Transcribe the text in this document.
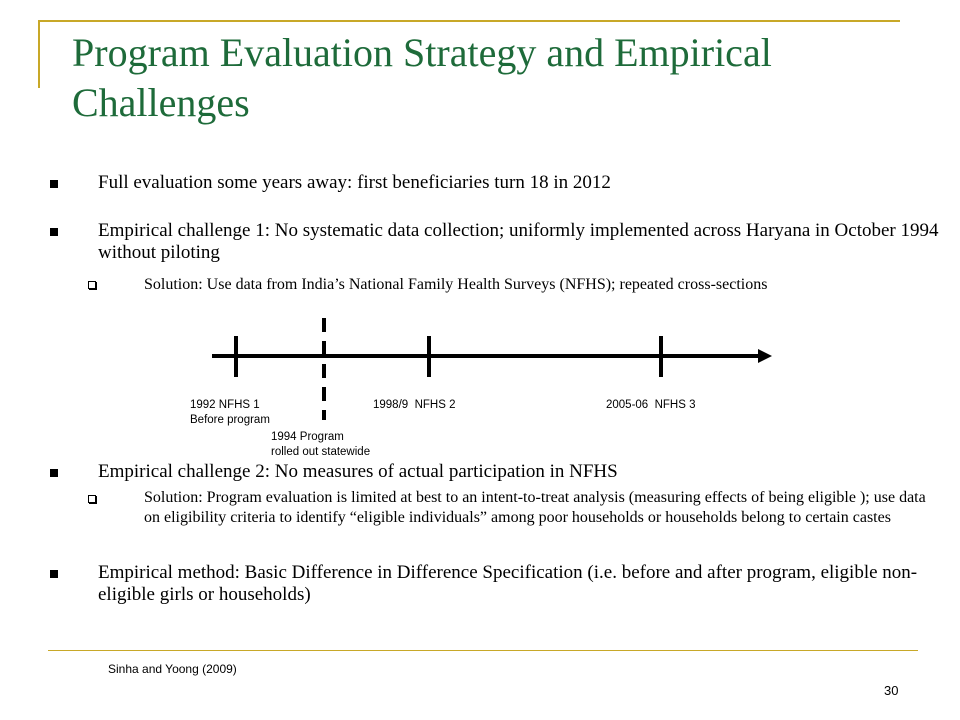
Program Evaluation Strategy and Empirical Challenges
Full evaluation some years away: first beneficiaries turn 18 in 2012
Empirical challenge 1: No systematic data collection; uniformly implemented across Haryana in October 1994 without piloting
Solution: Use data from India’s National Family Health Surveys (NFHS); repeated cross-sections
1992 NFHS 1
Before program
1998/9  NFHS 2	2005-06  NFHS 3
1994 Program
rolled out statewide
Empirical challenge 2: No measures of actual participation in NFHS
Solution: Program evaluation is limited at best to an intent-to-treat analysis (measuring effects of being eligible ); use data on eligibility criteria to identify “eligible individuals” among poor households or households belong to certain castes
Empirical method: Basic Difference in Difference Specification (i.e. before and after program, eligible non-eligible girls or households)
Sinha and Yoong (2009)
30
